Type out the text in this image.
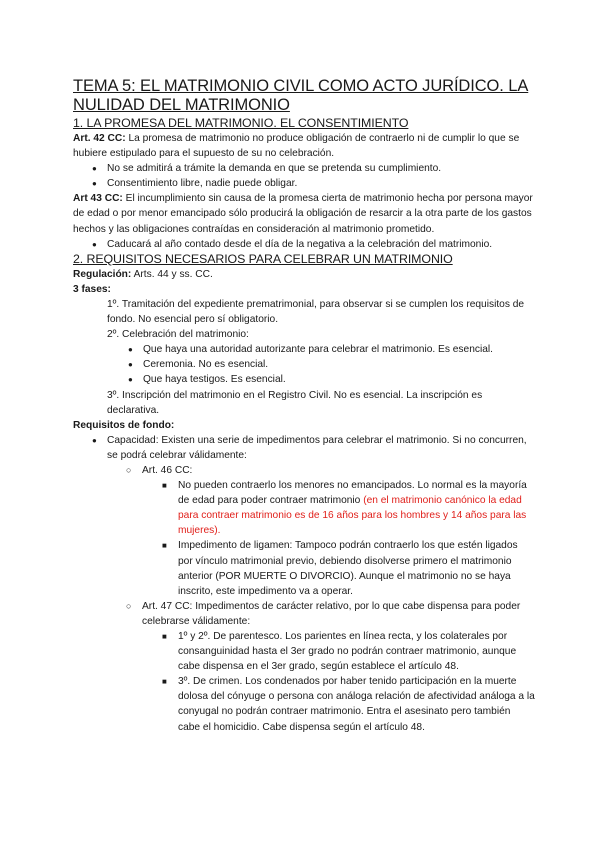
TEMA 5: EL MATRIMONIO CIVIL COMO ACTO JURÍDICO. LA NULIDAD DEL MATRIMONIO
1. LA PROMESA DEL MATRIMONIO. EL CONSENTIMIENTO

Art. 42 CC: La promesa de matrimonio no produce obligación de contraerlo ni de cumplir lo que se hubiere estipulado para el supuesto de su no celebración.

● No se admitirá a trámite la demanda en que se pretenda su cumplimiento.
● Consentimiento libre, nadie puede obligar.

Art 43 CC: El incumplimiento sin causa de la promesa cierta de matrimonio hecha por persona mayor de edad o por menor emancipado sólo producirá la obligación de resarcir a la otra parte de los gastos hechos y las obligaciones contraídas en consideración al matrimonio prometido.

● Caducará al año contado desde el día de la negativa a la celebración del matrimonio.
2. REQUISITOS NECESARIOS PARA CELEBRAR UN MATRIMONIO

Regulación: Arts. 44 y ss. CC.

3 fases:

1º. Tramitación del expediente prematrimonial, para observar si se cumplen los requisitos de fondo. No esencial pero sí obligatorio.

2º. Celebración del matrimonio:

● Que haya una autoridad autorizante para celebrar el matrimonio. Es esencial.
● Ceremonia. No es esencial.
● Que haya testigos. Es esencial.

3º. Inscripción del matrimonio en el Registro Civil. No es esencial. La inscripción es declarativa.

Requisitos de fondo:

● Capacidad: Existen una serie de impedimentos para celebrar el matrimonio. Si no concurren, se podrá celebrar válidamente:
○ Art. 46 CC:
■ No pueden contraerlo los menores no emancipados. Lo normal es la mayoría de edad para poder contraer matrimonio (en el matrimonio canónico la edad para contraer matrimonio es de 16 años para los hombres y 14 años para las mujeres).
■ Impedimento de ligamen: Tampoco podrán contraerlo los que estén ligados por vínculo matrimonial previo, debiendo disolverse primero el matrimonio anterior (POR MUERTE O DIVORCIO). Aunque el matrimonio no se haya inscrito, este impedimento va a operar.
○ Art. 47 CC: Impedimentos de carácter relativo, por lo que cabe dispensa para poder celebrarse válidamente:
■ 1º y 2º. De parentesco. Los parientes en línea recta, y los colaterales por consanguinidad hasta el 3er grado no podrán contraer matrimonio, aunque cabe dispensa en el 3er grado, según establece el artículo 48.
■ 3º. De crimen. Los condenados por haber tenido participación en la muerte dolosa del cónyuge o persona con análoga relación de afectividad análoga a la conyugal no podrán contraer matrimonio. Entra el asesinato pero también cabe el homicidio. Cabe dispensa según el artículo 48.
